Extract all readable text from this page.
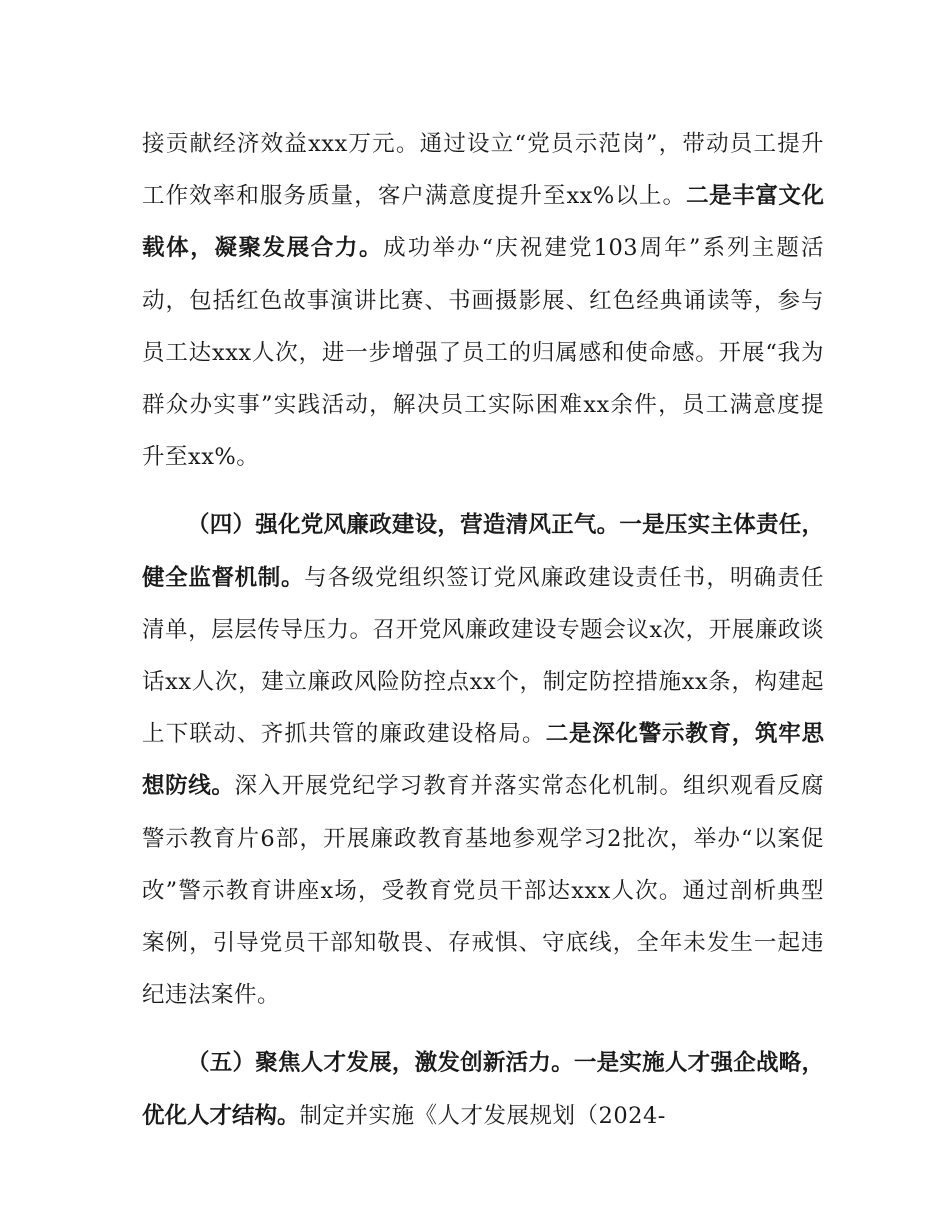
接贡献经济效益xxx万元。通过设立“党员示范岗”，带动员工提升工作效率和服务质量，客户满意度提升至xx%以上。二是丰富文化载体，凝聚发展合力。成功举办“庆祝建党103周年”系列主题活动，包括红色故事演讲比赛、书画摄影展、红色经典诵读等，参与员工达xxx人次，进一步增强了员工的归属感和使命感。开展“我为群众办实事”实践活动，解决员工实际困难xx余件，员工满意度提升至xx%。

（四）强化党风廉政建设，营造清风正气。一是压实主体责任，健全监督机制。与各级党组织签订党风廉政建设责任书，明确责任清单，层层传导压力。召开党风廉政建设专题会议x次，开展廉政谈话xx人次，建立廉政风险防控点xx个，制定防控措施xx条，构建起上下联动、齐抓共管的廉政建设格局。二是深化警示教育，筑牢思想防线。深入开展党纪学习教育并落实常态化机制。组织观看反腐警示教育片6部，开展廉政教育基地参观学习2批次，举办“以案促改”警示教育讲座x场，受教育党员干部达xxx人次。通过剖析典型案例，引导党员干部知敬畏、存戒惧、守底线，全年未发生一起违纪违法案件。

（五）聚焦人才发展，激发创新活力。一是实施人才强企战略，优化人才结构。制定并实施《人才发展规划（2024-
